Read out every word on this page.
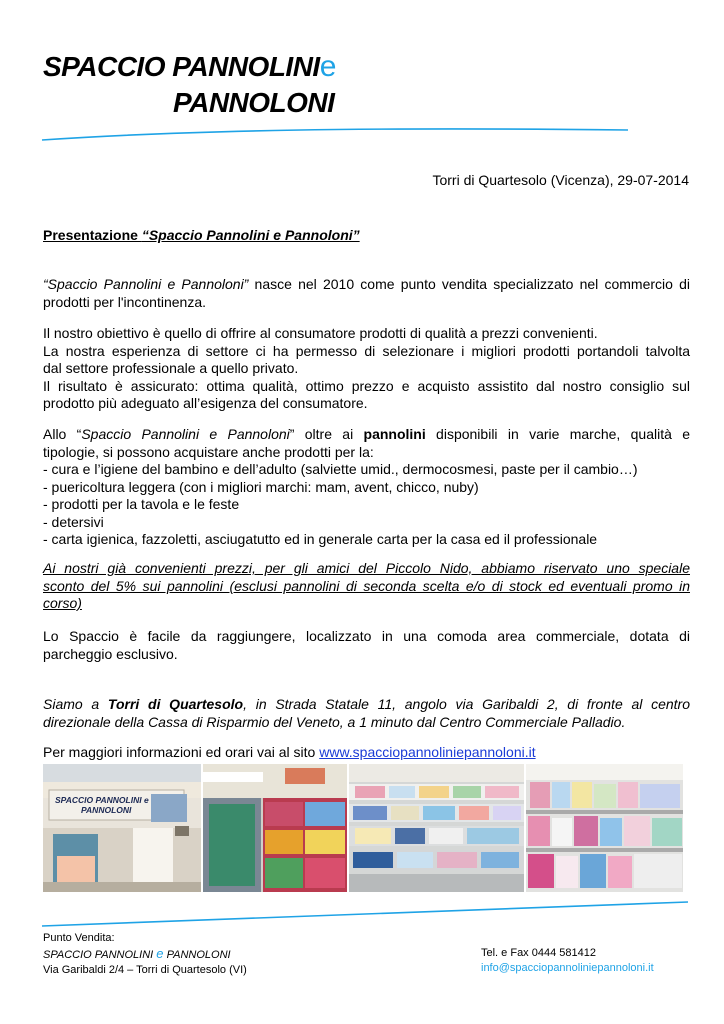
SPACCIO PANNOLINIe
PANNOLONI
Torri di Quartesolo (Vicenza), 29-07-2014
Presentazione “Spaccio Pannolini e Pannoloni”
“Spaccio Pannolini e Pannoloni” nasce nel 2010 come punto vendita specializzato nel commercio di
prodotti per l'incontinenza.
Il nostro obiettivo è quello di offrire al consumatore prodotti di qualità a prezzi convenienti.
La nostra esperienza di settore ci ha permesso di selezionare i migliori prodotti portandoli talvolta
dal settore professionale a quello privato.
Il risultato è assicurato: ottima qualità, ottimo prezzo e acquisto assistito dal nostro consiglio sul
prodotto più adeguato all’esigenza del consumatore.
Allo “Spaccio Pannolini e Pannoloni” oltre ai pannolini disponibili in varie marche, qualità e
tipologie, si possono acquistare anche prodotti per la:
- cura e l’igiene del bambino e dell’adulto (salviette umid., dermocosmesi, paste per il cambio…)
- puericoltura leggera (con i migliori marchi: mam, avent, chicco, nuby)
- prodotti per la tavola e le feste
- detersivi
- carta igienica, fazzoletti, asciugatutto ed in generale carta per la casa ed il professionale
Ai nostri già convenienti prezzi, per gli amici del Piccolo Nido, abbiamo riservato uno speciale
sconto del 5% sui pannolini (esclusi pannolini di seconda scelta e/o di stock ed eventuali promo in
corso)
Lo Spaccio è facile da raggiungere, localizzato in una comoda area commerciale, dotata di
parcheggio esclusivo.
Siamo a Torri di Quartesolo, in Strada Statale 11, angolo via Garibaldi 2, di fronte al centro
direzionale della Cassa di Risparmio del Veneto, a 1 minuto dal Centro Commerciale Palladio.
Per maggiori informazioni ed orari vai al sito www.spacciopannoliniepannoloni.it
SPACCIO PANNOLINI e
PANNOLONI
Punto Vendita:
SPACCIO PANNOLINI e PANNOLONI
Via Garibaldi 2/4 – Torri di Quartesolo (VI)
Tel. e Fax 0444 581412
info@spacciopannoliniepannoloni.it
